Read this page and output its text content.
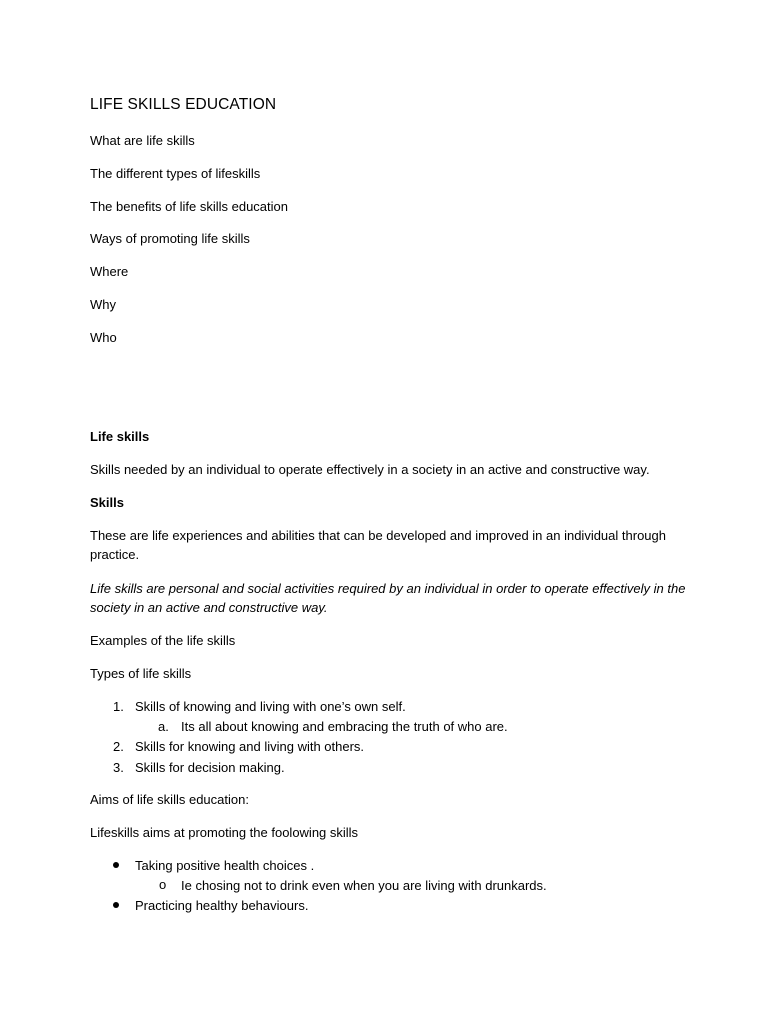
LIFE SKILLS EDUCATION
What are life skills
The different types of lifeskills
The benefits of life skills education
Ways of promoting life skills
Where
Why
Who
Life skills
Skills needed by an individual to operate effectively in a society in an active and constructive way.
Skills
These are life experiences and abilities that can be developed and improved in an individual through
practice.
Life skills are personal and social activities required by an individual in order to operate effectively in the
society in an active and constructive way.
Examples of the life skills
Types of life skills
1. Skills of knowing and living with one’s own self.
a. Its all about knowing and embracing the truth of who are.
2. Skills for knowing and living with others.
3. Skills for decision making.
Aims of life skills education:
Lifeskills aims at promoting the foolowing skills
Taking positive health choices .
o Ie chosing not to drink even when you are living with drunkards.
Practicing healthy behaviours.
